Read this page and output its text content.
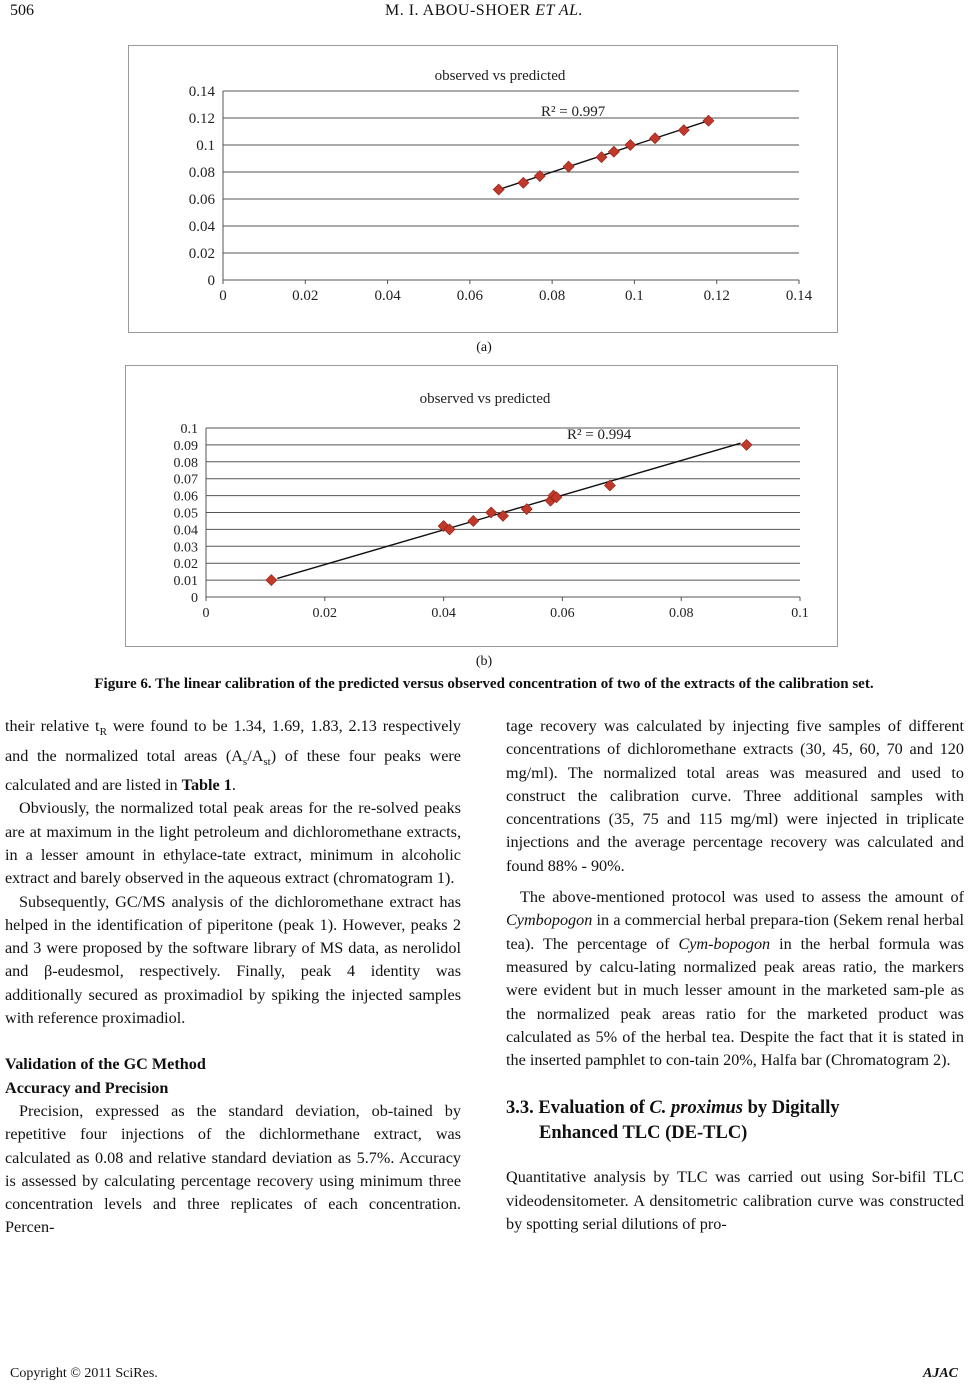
506	M. I. ABOU-SHOER ET AL.
observed vs predicted
0
0.02
0.04
0.06
0.08
0.1
0.12
0.14
0	0.02	0.04	0.06	0.08	0.1	0.12	0.14
R² = 0.997
(a)
observed vs predicted
0
0.01
0.02
0.03
0.04
0.05
0.06
0.07
0.08
0.09
0.1
0	0.02	0.04	0.06	0.08	0.1
R² = 0.994
(b)
Figure 6. The linear calibration of the predicted versus observed concentration of two of the extracts of the calibration set.

their relative $t_R$ were found to be 1.34, 1.69, 1.83, 2.13 respectively and the normalized total areas $(A_s/A_{st})$ of these four peaks were calculated and are listed in Table 1.

Obviously, the normalized total peak areas for the re-solved peaks are at maximum in the light petroleum and dichloromethane extracts, in a lesser amount in ethylace-tate extract, minimum in alcoholic extract and barely observed in the aqueous extract (chromatogram 1).

Subsequently, GC/MS analysis of the dichloromethane extract has helped in the identification of piperitone (peak 1). However, peaks 2 and 3 were proposed by the software library of MS data, as nerolidol and β-eudesmol, respectively. Finally, peak 4 identity was additionally secured as proximadiol by spiking the injected samples with reference proximadiol.

Validation of the GC Method
Accuracy and Precision

Precision, expressed as the standard deviation, ob-tained by repetitive four injections of the dichlormethane extract, was calculated as 0.08 and relative standard deviation as 5.7%. Accuracy is assessed by calculating percentage recovery using minimum three concentration levels and three replicates of each concentration. Percen-

tage recovery was calculated by injecting five samples of different concentrations of dichloromethane extracts (30, 45, 60, 70 and 120 mg/ml). The normalized total areas was measured and used to construct the calibration curve. Three additional samples with concentrations (35, 75 and 115 mg/ml) were injected in triplicate injections and the average percentage recovery was calculated and found 88% - 90%.

The above-mentioned protocol was used to assess the amount of Cymbopogon in a commercial herbal prepara-tion (Sekem renal herbal tea). The percentage of Cym-bopogon in the herbal formula was measured by calcu-lating normalized peak areas ratio, the markers were evident but in much lesser amount in the marketed sam-ple as the normalized peak areas ratio for the marketed product was calculated as 5% of the herbal tea. Despite the fact that it is stated in the inserted pamphlet to con-tain 20%, Halfa bar (Chromatogram 2).

3.3. Evaluation of C. proximus by Digitally
Enhanced TLC (DE-TLC)

Quantitative analysis by TLC was carried out using Sor-bifil TLC videodensitometer. A densitometric calibration curve was constructed by spotting serial dilutions of pro-

Copyright © 2011 SciRes.	AJAC
